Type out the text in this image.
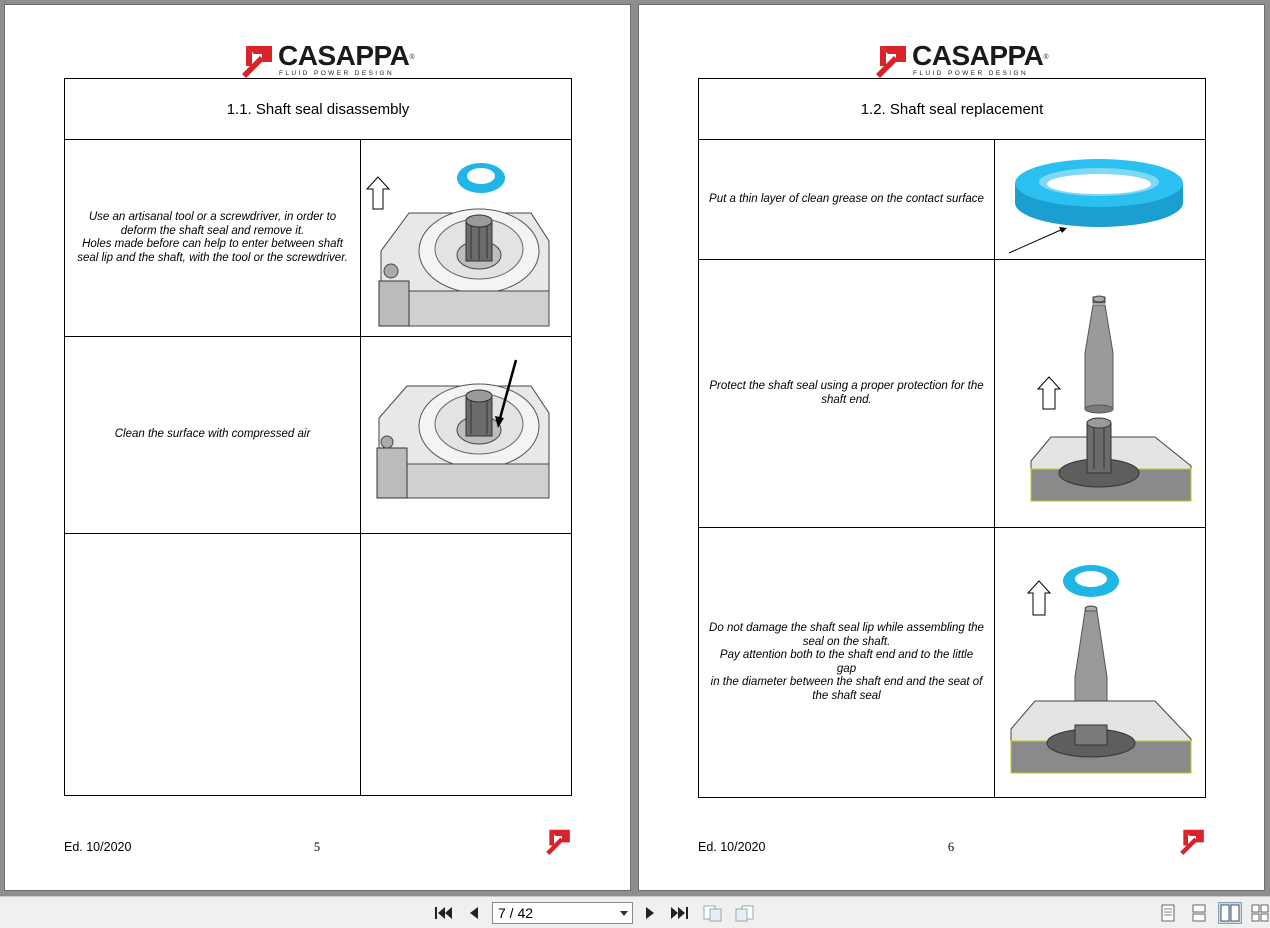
CASAPPA®
FLUID POWER DESIGN
1.1. Shaft seal disassembly	
Use an artisanal tool or a screwdriver, in order to
deform the shaft seal and remove it.
Holes made before can help to enter between shaft
seal lip and the shaft, with the tool or the screwdriver.	

Clean the surface with compressed air	

Ed. 10/2020	5
CASAPPA®
FLUID POWER DESIGN
1.2. Shaft seal replacement	
Put a thin layer of clean grease on the contact surface	

Protect the shaft seal using a proper protection for the
shaft end.	

Do not damage the shaft seal lip while assembling the
seal on the shaft.
Pay attention both to the shaft end and to the little gap
in the diameter between the shaft end and the seat of
the shaft seal	
Ed. 10/2020	6
7 / 42
